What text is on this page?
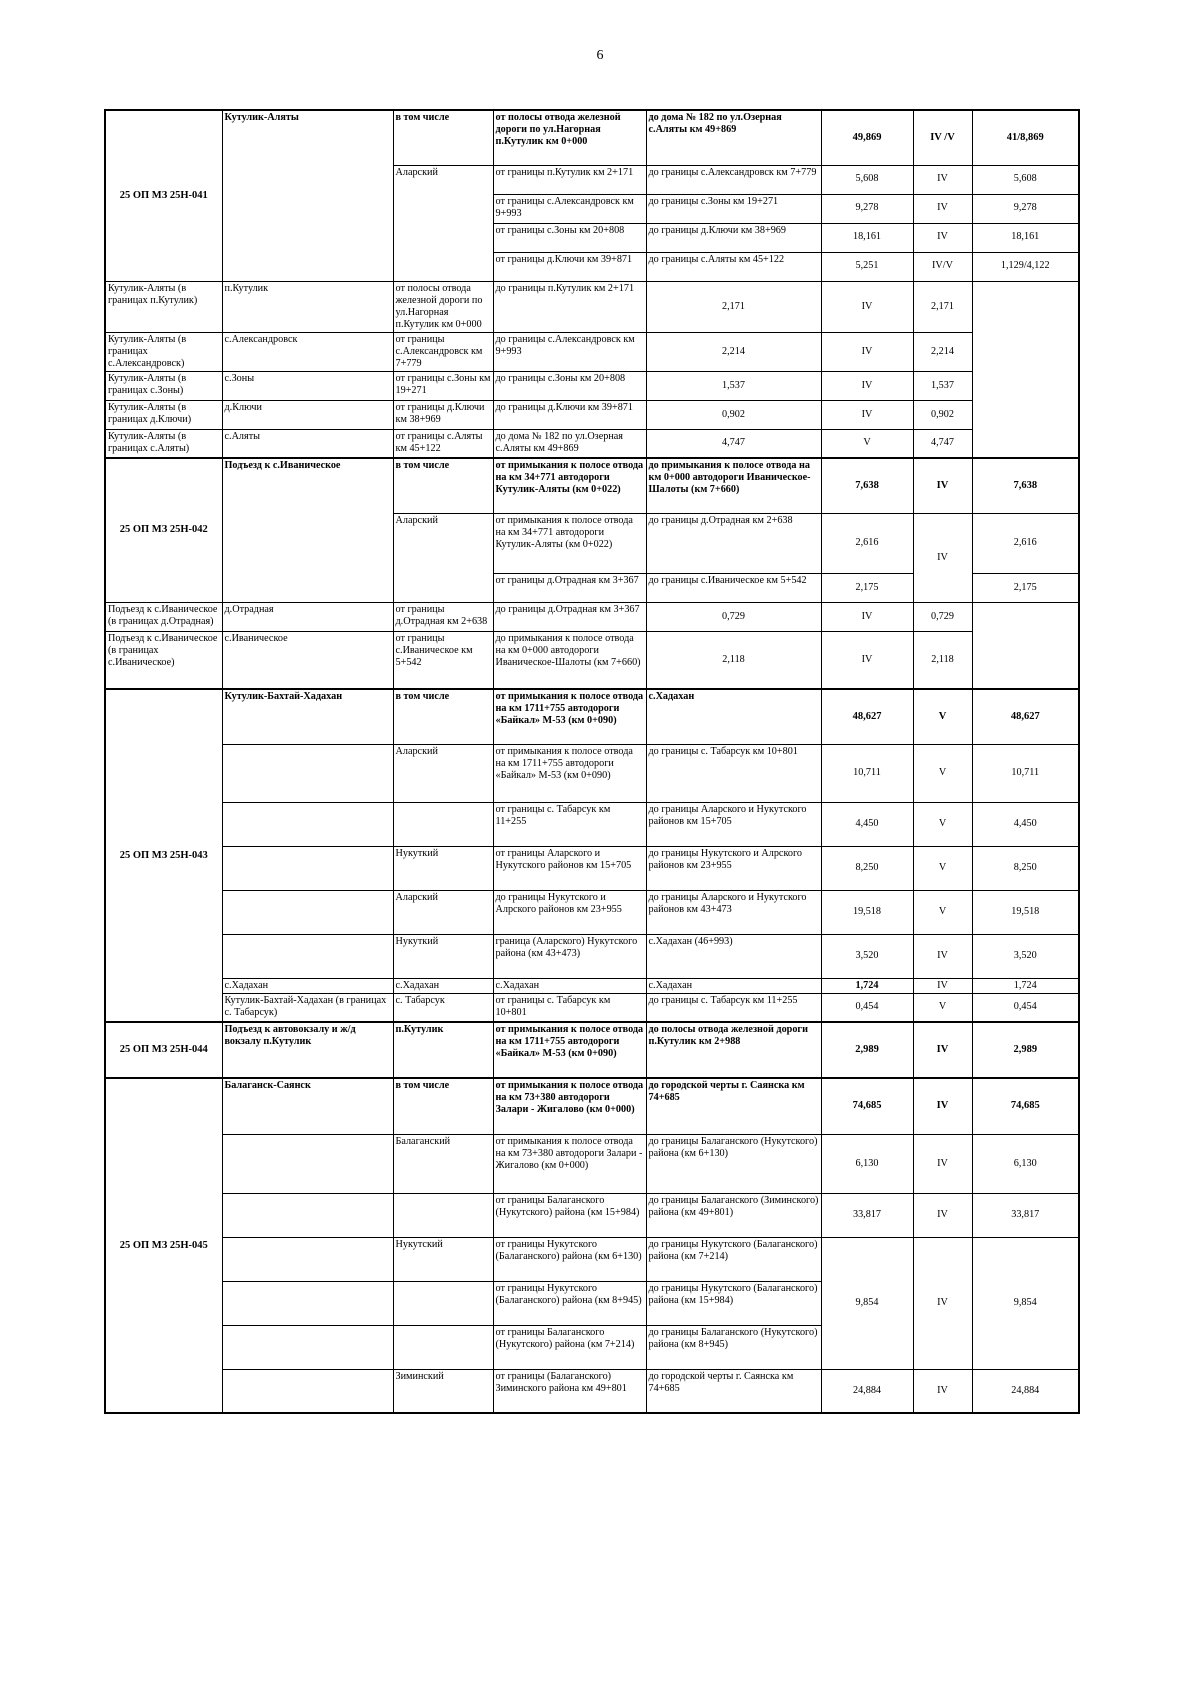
6
25 ОП МЗ 25Н-041	Кутулик-Аляты	в том числе	от полосы отвода железной дороги по ул.Нагорная п.Кутулик км 0+000	до дома № 182 по ул.Озерная с.Аляты км 49+869	49,869	IV /V	41/8,869
		Аларский	от границы п.Кутулик км 2+171	до границы с.Александровск км 7+779	5,608	IV	5,608
			от границы с.Александровск км 9+993	до границы с.Зоны км 19+271	9,278	IV	9,278
			от границы с.Зоны км 20+808	до границы д.Ключи км 38+969	18,161	IV	18,161
			от границы д.Ключи км 39+871	до границы с.Аляты км 45+122	5,251	IV/V	1,129/4,122
Кутулик-Аляты (в границах п.Кутулик)	п.Кутулик	от полосы отвода железной дороги по ул.Нагорная п.Кутулик км 0+000	до границы п.Кутулик км 2+171	2,171	IV	2,171	
Кутулик-Аляты (в границах с.Александровск)	с.Александровск	от границы с.Александровск км 7+779	до границы с.Александровск км 9+993	2,214	IV	2,214	
Кутулик-Аляты (в границах с.Зоны)	с.Зоны	от границы с.Зоны км 19+271	до границы с.Зоны км 20+808	1,537	IV	1,537	
Кутулик-Аляты (в границах д.Ключи)	д.Ключи	от границы д.Ключи км 38+969	до границы д.Ключи км 39+871	0,902	IV	0,902	
Кутулик-Аляты (в границах с.Аляты)	с.Аляты	от границы с.Аляты км 45+122	до дома № 182 по ул.Озерная с.Аляты км 49+869	4,747	V	4,747	
25 ОП МЗ 25Н-042	Подъезд к с.Иваническое	в том числе	от примыкания к полосе отвода на км 34+771 автодороги Кутулик-Аляты (км 0+022)	до примыкания к полосе отвода на км 0+000 автодороги Иваническое-Шалоты (км 7+660)	7,638	IV	7,638
		Аларский	от примыкания к полосе отвода на км 34+771 автодороги Кутулик-Аляты (км 0+022)	до границы д.Отрадная км 2+638	2,616	IV	2,616
			от границы д.Отрадная км 3+367	до границы с.Иваническое км 5+542	2,175		2,175
Подъезд к с.Иваническое (в границах д.Отрадная)	д.Отрадная	от границы д.Отрадная км 2+638	до границы д.Отрадная км 3+367	0,729	IV	0,729	
Подъезд к с.Иваническое (в границах с.Иваническое)	с.Иваническое	от границы с.Иваническое км 5+542	до примыкания к полосе отвода на км 0+000 автодороги Иваническое-Шалоты (км 7+660)	2,118	IV	2,118	
25 ОП МЗ 25Н-043	Кутулик-Бахтай-Хадахан	в том числе	от примыкания к полосе отвода на км 1711+755 автодороги «Байкал» М-53 (км 0+090)	с.Хадахан	48,627	V	48,627
		Аларский	от примыкания к полосе отвода на км 1711+755 автодороги «Байкал» М-53 (км 0+090)	до границы с. Табарсук км 10+801	10,711	V	10,711
			от границы с. Табарсук км 11+255	до границы Аларского и Нукутского районов км 15+705	4,450	V	4,450
		Нукуткий	от границы Аларского и Нукутского районов км 15+705	до границы Нукутского и Алрского районов км 23+955	8,250	V	8,250
		Аларский	до границы Нукутского и Алрского районов км 23+955	до границы Аларского и Нукутского районов км 43+473	19,518	V	19,518
		Нукуткий	граница (Аларского) Нукутского района (км 43+473)	с.Хадахан (46+993)	3,520	IV	3,520
	с.Хадахан	с.Хадахан	с.Хадахан	с.Хадахан	1,724	IV	1,724
	Кутулик-Бахтай-Хадахан (в границах с. Табарсук)	с. Табарсук	от границы с. Табарсук км 10+801	до границы с. Табарсук км 11+255	0,454	V	0,454
25 ОП МЗ 25Н-044	Подъезд к автовокзалу и ж/д вокзалу п.Кутулик	п.Кутулик	от примыкания к полосе отвода на км 1711+755 автодороги «Байкал» М-53 (км 0+090)	до полосы отвода железной дороги п.Кутулик км 2+988	2,989	IV	2,989
25 ОП МЗ 25Н-045	Балаганск-Саянск	в том числе	от примыкания к полосе отвода на км 73+380 автодороги Залари - Жигалово (км 0+000)	до городской черты г. Саянска км 74+685	74,685	IV	74,685
		Балаганский	от примыкания к полосе отвода на км 73+380 автодороги Залари - Жигалово (км 0+000)	до границы Балаганского (Нукутского) района (км 6+130)	6,130	IV	6,130
			от границы Балаганского (Нукутского) района (км 15+984)	до границы Балаганского (Зиминского) района (км 49+801)	33,817	IV	33,817
		Нукутский	от границы Нукутского (Балаганского) района (км 6+130)	до границы Нукутского (Балаганского) района (км 7+214)	9,854	IV	9,854
			от границы Нукутского (Балаганского) района (км 8+945)	до границы Нукутского (Балаганского) района (км 15+984)			
			от границы Балаганского (Нукутского) района (км 7+214)	до границы Балаганского (Нукутского) района (км 8+945)			
		Зиминский	от границы (Балаганского) Зиминского района км 49+801	до городской черты г. Саянска км 74+685	24,884	IV	24,884
